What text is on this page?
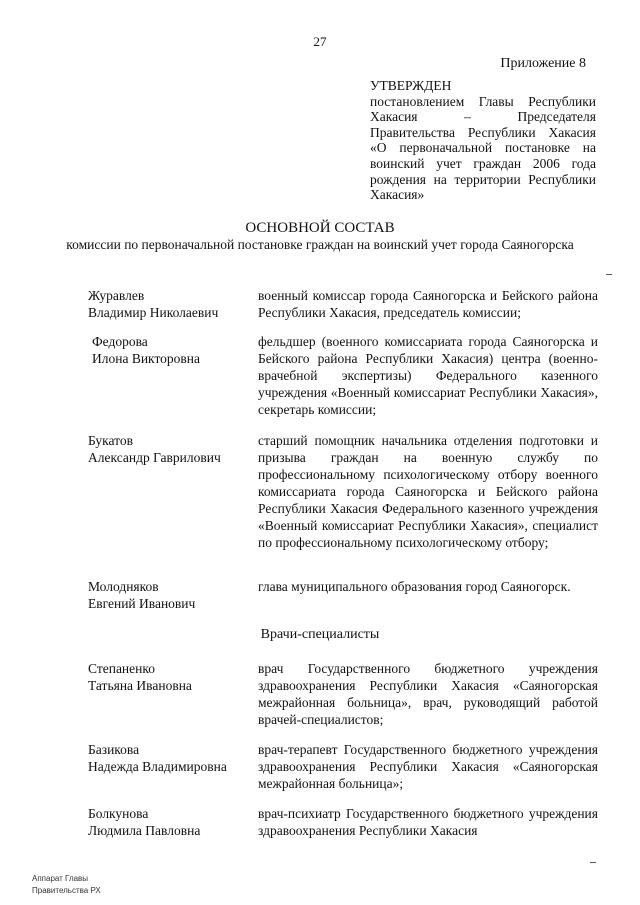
27
Приложение 8
УТВЕРЖДЕН
постановлением Главы Республики Хакасия – Председателя Правительства Республики Хакасия «О первоначальной постановке на воинский учет граждан 2006 года рождения на территории Республики Хакасия»
ОСНОВНОЙ СОСТАВ
комиссии по первоначальной постановке граждан на воинский учет города Саяногорска
Журавлев
Владимир Николаевич
военный комиссар города Саяногорска и Бейского района Республики Хакасия, председатель комиссии;
Федорова
Илона Викторовна
фельдшер (военного комиссариата города Саяногорска и Бейского района Республики Хакасия) центра (военно-врачебной экспертизы) Федерального казенного учреждения «Военный комиссариат Республики Хакасия», секретарь комиссии;
Букатов
Александр Гаврилович
старший помощник начальника отделения подготовки и призыва граждан на военную службу по профессиональному психологическому отбору военного комиссариата города Саяногорска и Бейского района Республики Хакасия Федерального казенного учреждения «Военный комиссариат Республики Хакасия», специалист по профессиональному психологическому отбору;
Молодняков
Евгений Иванович
глава муниципального образования город Саяногорск.
Врачи-специалисты
Степаненко
Татьяна Ивановна
врач Государственного бюджетного учреждения здравоохранения Республики Хакасия «Саяногорская межрайонная больница», врач, руководящий работой врачей-специалистов;
Базикова
Надежда Владимировна
врач-терапевт Государственного бюджетного учреждения здравоохранения Республики Хакасия «Саяногорская межрайонная больница»;
Болкунова
Людмила Павловна
врач-психиатр Государственного бюджетного учреждения здравоохранения Республики Хакасия
Аппарат Главы
Правительства РХ
